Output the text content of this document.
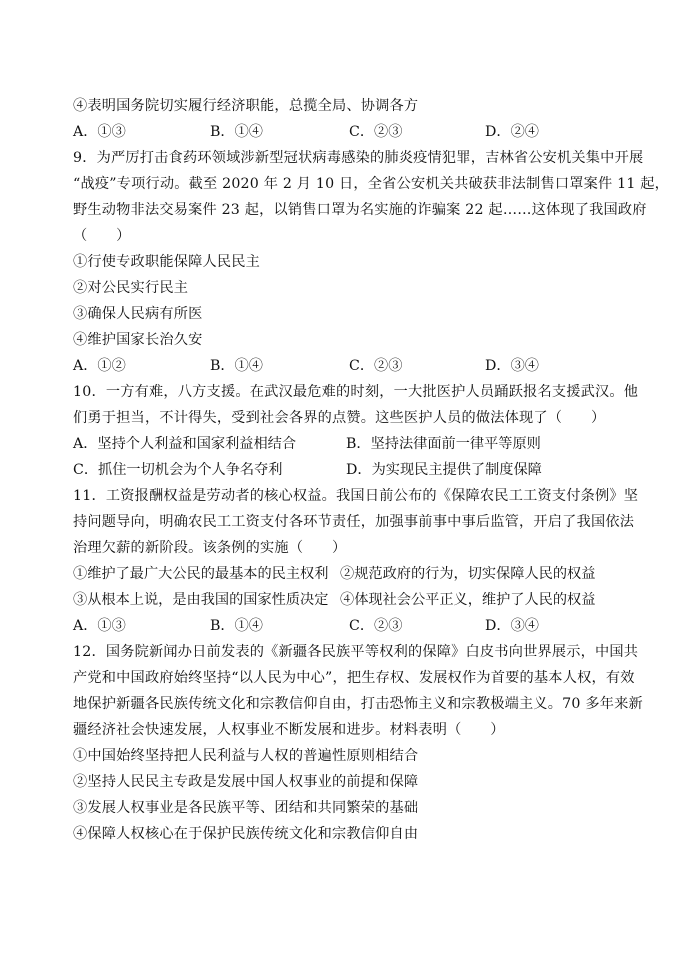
④表明国务院切实履行经济职能，总揽全局、协调各方
A．①③	B．①④	C．②③	D．②④
9．为严厉打击食药环领域涉新型冠状病毒感染的肺炎疫情犯罪，吉林省公安机关集中开展
“战疫”专项行动。截至 2020 年 2 月 10 日，全省公安机关共破获非法制售口罩案件 11 起，
野生动物非法交易案件 23 起，以销售口罩为名实施的诈骗案 22 起……这体现了我国政府
（　　）
①行使专政职能保障人民民主
②对公民实行民主
③确保人民病有所医
④维护国家长治久安
A．①②	B．①④	C．②③	D．③④
10．一方有难，八方支援。在武汉最危难的时刻，一大批医护人员踊跃报名支援武汉。他
们勇于担当，不计得失，受到社会各界的点赞。这些医护人员的做法体现了（　　）
A．坚持个人利益和国家利益相结合	B．坚持法律面前一律平等原则
C．抓住一切机会为个人争名夺利	D．为实现民主提供了制度保障
11．工资报酬权益是劳动者的核心权益。我国日前公布的《保障农民工工资支付条例》坚
持问题导向，明确农民工工资支付各环节责任，加强事前事中事后监管，开启了我国依法
治理欠薪的新阶段。该条例的实施（　　）
①维护了最广大公民的最基本的民主权利 ②规范政府的行为，切实保障人民的权益
③从根本上说，是由我国的国家性质决定 ④体现社会公平正义，维护了人民的权益
A．①③	B．①④	C．②③	D．③④
12．国务院新闻办日前发表的《新疆各民族平等权利的保障》白皮书向世界展示，中国共
产党和中国政府始终坚持“以人民为中心”，把生存权、发展权作为首要的基本人权，有效
地保护新疆各民族传统文化和宗教信仰自由，打击恐怖主义和宗教极端主义。70 多年来新
疆经济社会快速发展，人权事业不断发展和进步。材料表明（　　）
①中国始终坚持把人民利益与人权的普遍性原则相结合
②坚持人民民主专政是发展中国人权事业的前提和保障
③发展人权事业是各民族平等、团结和共同繁荣的基础
④保障人权核心在于保护民族传统文化和宗教信仰自由
